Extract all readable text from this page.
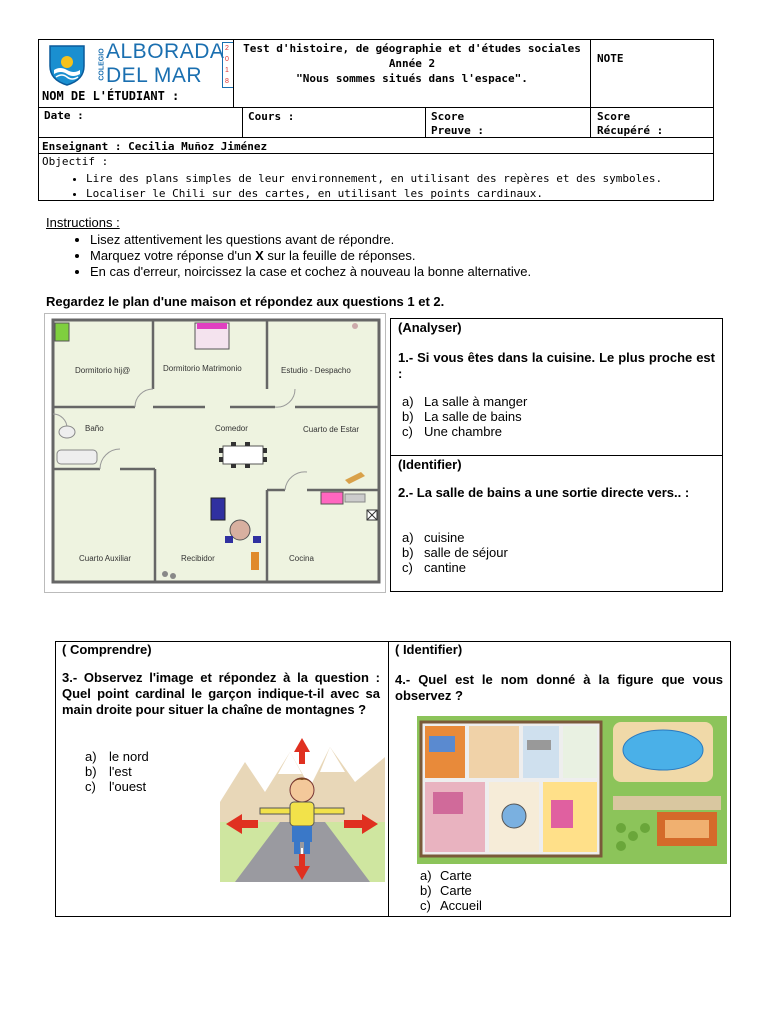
COLEGIO ALBORADA
DEL MAR
2018
Test d'histoire, de géographie et d'études sociales
Année 2
"Nous sommes situés dans l'espace".
NOTE
NOM DE L'ÉTUDIANT :
Date :	Cours :	Score
Preuve :
Score
Récupéré :
Enseignant : Cecilia Muñoz Jiménez
Objectif :
• Lire des plans simples de leur environnement, en utilisant des repères et des symboles.
• Localiser le Chili sur des cartes, en utilisant les points cardinaux.
Instructions :
• Lisez attentivement les questions avant de répondre.
• Marquez votre réponse d'un X sur la feuille de réponses.
• En cas d'erreur, noircissez la case et cochez à nouveau la bonne alternative.
Regardez le plan d'une maison et répondez aux questions 1 et 2.
Dormitorio hij@	Dormitorio Matrimonio	Estudio - Despacho
Baño	Comedor	Cuarto de Estar
Cuarto Auxiliar	Recibidor	Cocina
(Analyser)
1.- Si vous êtes dans la cuisine. Le plus proche est :
a) La salle à manger
b) La salle de bains
c) Une chambre
(Identifier)
2.- La salle de bains a une sortie directe vers.. :
a) cuisine
b) salle de séjour
c) cantine
( Comprendre)
3.- Observez l'image et répondez à la question : Quel point cardinal le garçon indique-t-il avec sa main droite pour situer la chaîne de montagnes ?
a) le nord
b) l'est
c) l'ouest
( Identifier)
4.- Quel est le nom donné à la figure que vous observez ?
a) Carte
b) Carte
c) Accueil
